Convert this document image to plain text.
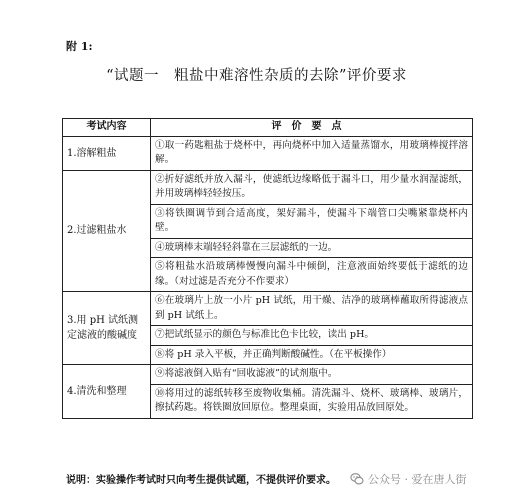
附 1:
“试题一　粗盐中难溶性杂质的去除”评价要求
考试内容	评价要点
1.溶解粗盐	①取一药匙粗盐于烧杯中，再向烧杯中加入适量蒸馏水，用玻璃棒搅拌溶解。
2.过滤粗盐水	②折好滤纸并放入漏斗，使滤纸边缘略低于漏斗口，用少量水润湿滤纸，并用玻璃棒轻轻按压。
	③将铁圈调节到合适高度，架好漏斗，使漏斗下端管口尖嘴紧靠烧杯内壁。
	④玻璃棒末端轻轻斜靠在三层滤纸的一边。
	⑤将粗盐水沿玻璃棒慢慢向漏斗中倾倒，注意液面始终要低于滤纸的边缘。（对过滤是否充分不作要求）
3.用 pH 试纸测定滤液的酸碱度	⑥在玻璃片上放一小片 pH 试纸，用干燥、洁净的玻璃棒蘸取所得滤液点到 pH 试纸上。
	⑦把试纸显示的颜色与标准比色卡比较，读出 pH。
	⑧将 pH 录入平板，并正确判断酸碱性。（在平板操作）
4.清洗和整理	⑨将滤液倒入贴有“回收滤液”的试剂瓶中。
	⑩将用过的滤纸转移至废物收集桶。清洗漏斗、烧杯、玻璃棒、玻璃片，擦拭药匙。将铁圈放回原位。整理桌面，实验用品放回原处。
说明：实验操作考试时只向考生提供试题，不提供评价要求。	公众号 · 爱在唐人街
